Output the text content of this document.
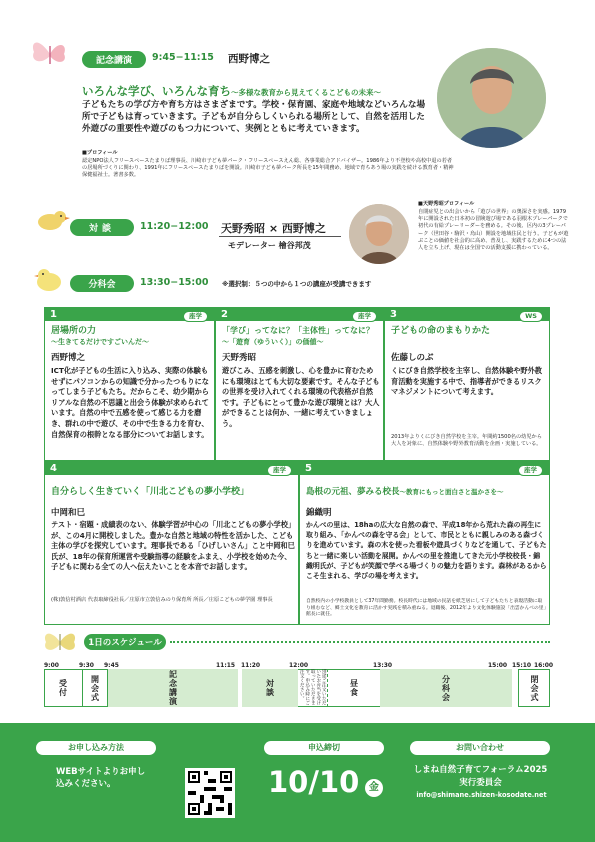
記念講演	9:45−11:15 西野博之
いろんな学び、いろんな育ち〜多様な教育から見えてくるこどもの未来〜
子どもたちの学び方や育ち方はさまざまです。学校・保育園、家庭や地域などいろんな場所で子どもは育っていきます。子どもが自分らしくいられる場所として、自然を活用した外遊びの重要性や遊びのもつ力について、実例とともに考えていきます。
■プロフィール
認定NPO法人フリースペースたまりば理事長、川崎市子ども夢パーク・フリースペースえん総、各事業総合アドバイザー。1986年より不登校や高校中退の若者の居場所づくりに関わり、1991年にフリースペースたまりばを開設。川崎市子ども夢パーク所長を15年間務め、地域で育ちあう場の実践を続ける教育者・精神保健福祉士。著書多数。
対談	11:20−12:00 天野秀昭 × 西野博之
モデレーター 檜谷邦茂
■天野秀昭プロフィール
自閉症児との出会いから「遊びの世界」の奥深さを実感。1979年に開設された日本初の冒険遊び場である羽根木プレーパークで初代の有給プレーリーダーを務める。その後、区内の3プレーパーク（世田谷・駒沢・烏山）開設を地域住民と行う。子どもが遊ぶことの価値を社会的に高め、普及し、実践するために4つの法人を立ち上げ、現在は全国での活動支援に携わっている。
分科会	13:30−15:00 ※選択制：５つの中から１つの講座が受講できます
1	座学
居場所の力
〜生きてるだけですごいんだ〜
西野博之
ICT化が子どもの生活に入り込み、実際の体験もせずにパソコンからの知識で分かったつもりになってしまう子どもたち。だからこそ、幼少期からリアルな自然の不思議と出会う体験が求められています。自然の中で五感を使って感じる力を磨き、群れの中で遊び、その中で生きる力を育む、自然保育の根幹となる部分についてお話します。
2	座学
「学び」ってなに？「主体性」ってなに？
〜「遊育（ゆういく）」の価値〜
天野秀昭
遊びこみ、五感を刺激し、心を豊かに育むためにも環境はとても大切な要素です。そんな子どもの世界を受け入れてくれる環境の代表格が自然です。子どもにとって豊かな遊び環境とは？大人ができることは何か、一緒に考えていきましょう。
3	WS
子どもの命のまもりかた
佐藤しのぶ
くにびき自然学校を主宰し、自然体験や野外教育活動を実施する中で、指導者ができるリスクマネジメントについて考えます。
2013年よりくにびき自然学校を主宰。年間約1500名の幼児から大人を対象に、自然体験や野外教育活動を企画・実施している。
4	座学
自分らしく生きていく「川北こどもの夢小学校」
中岡和巳
テスト・宿題・成績表のない、体験学習が中心の「川北こどもの夢小学校」が、この4月に開校しました。豊かな自然と地域の特性を活かした、こども主体の学びを探究しています。理事長である「ひげしいさん」こと中岡和巳氏が、18年の保育所運営や受験指導の経験をふまえ、小学校を始めた今、子どもに関わる全ての人へ伝えたいことを本音でお話します。
(株)敦信村酒店 代表取締役社長／庄原市立敦信みのり保育所 所長／庄原こどもの夢学園 理事長
5	座学
島根の元祖、夢みる校長〜教育にもっと面白さと温かさを〜
錦織明
かんべの里は、18haの広大な自然の森で、平成18年から荒れた森の再生に取り組み、「かんべの森を守る会」として、市民とともに親しみのある森づくりを進めています。森の木を使った看板や遊具づくりなどを通して、子どもたちと一緒に楽しい活動を展開。かんべの里を推進してきた元小学校校長・錦織明氏が、子どもが笑顔で学べる場づくりの魅力を語ります。森林があるからこそ生まれる、学びの場を考えます。
自然校内の小学校教員として37年間勤務。校長時代には地域の民話を紙芝居にして子どもたちと表現活動に取り組むなど、郷土文化を教育に活かす実践を積み重ねる。退職後、2012年より文化体験施設「出雲かんべの里」館長に就任。
1日のスケジュール
9:00	9:30 9:45	11:15 11:20	12:00	13:30	15:00 15:10 16:00
受付	開会式	記念講演	対談	別途ご注文いただいたお弁当を受け取っていただきます。申込み時にご注文ください。	昼食	分科会	閉会式
お申し込み方法
WEBサイトよりお申し込みください。
申込締切
10/10 金
お問い合わせ
しまね自然子育てフォーラム2025
実行委員会
info@shimane.shizen-kosodate.net
